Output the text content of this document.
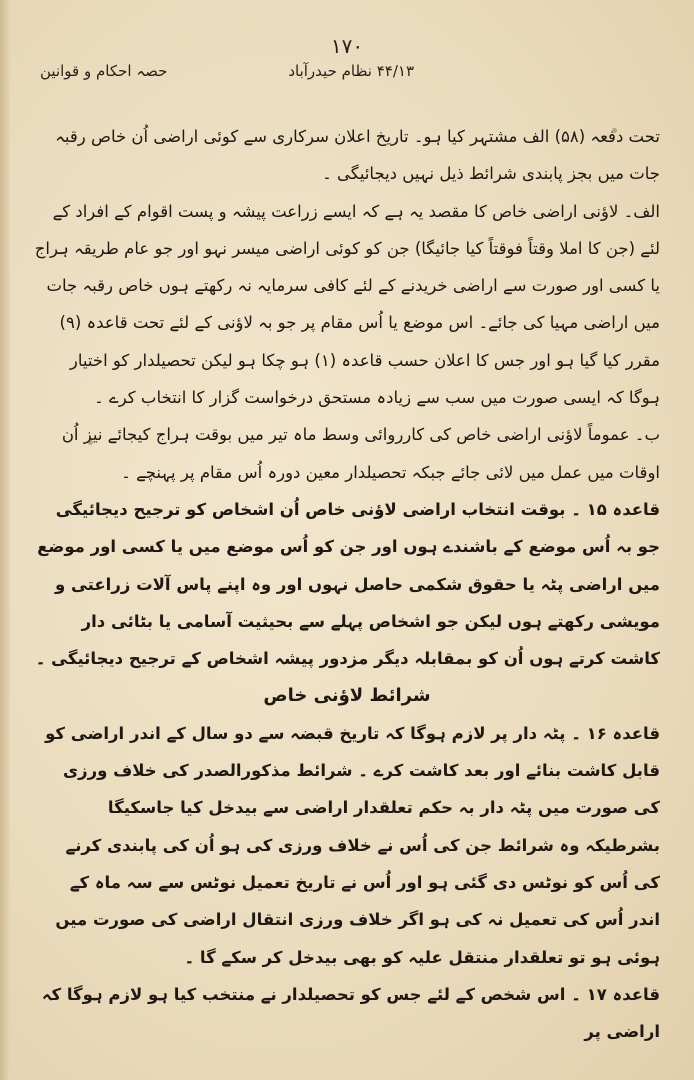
۱۷۰
۴۴/۱۳ نظام حیدرآباد
حصہ احکام و قوانین

تحت دفعہ (۵۸) الف مشتہر کیا ہو۔ تاریخ اعلان سرکاری سے کوئی اراضی اُن خاص رقبہ جات میں بجز پابندی شرائط ذیل نہیں دیجائیگی ۔

الف۔ لاؤنی اراضی خاص کا مقصد یہ ہے کہ ایسے زراعت پیشہ و پست اقوام کے افراد کے لئے (جن کا املا وقتاً فوقتاً کیا جائیگا) جن کو کوئی اراضی میسر نہو اور جو عام طریقہ ہراج یا کسی اور صورت سے اراضی خریدنے کے لئے کافی سرمایہ نہ رکھتے ہوں خاص رقبہ جات میں اراضی مہیا کی جائے۔ اس موضع یا اُس مقام پر جو بہ لاؤنی کے لئے تحت قاعدہ (۹) مقرر کیا گیا ہو اور جس کا اعلان حسب قاعدہ (۱) ہو چکا ہو لیکن تحصیلدار کو اختیار ہوگا کہ ایسی صورت میں سب سے زیادہ مستحق درخواست گزار کا انتخاب کرے ۔

ب۔ عموماً لاؤنی اراضی خاص کی کارروائی وسط ماہ تیر میں بوقت ہراج کیجائے نیز اُن اوقات میں عمل میں لائی جائے جبکہ تحصیلدار معین دورہ اُس مقام پر پہنچے ۔

قاعدہ ۱۵ ۔ بوقت انتخاب اراضی لاؤنی خاص اُن اشخاص کو ترجیح دیجائیگی جو بہ اُس موضع کے باشندے ہوں اور جن کو اُس موضع میں یا کسی اور موضع میں اراضی پٹہ یا حقوق شکمی حاصل نہوں اور وہ اپنے پاس آلات زراعتی و مویشی رکھتے ہوں لیکن جو اشخاص پہلے سے بحیثیت آسامی یا بٹائی دار کاشت کرتے ہوں اُن کو بمقابلہ دیگر مزدور پیشہ اشخاص کے ترجیح دیجائیگی ۔

شرائط لاؤنی خاص

قاعدہ ۱۶ ۔ پٹہ دار پر لازم ہوگا کہ تاریخ قبضہ سے دو سال کے اندر اراضی کو قابل کاشت بنائے اور بعد کاشت کرے ۔ شرائط مذکورالصدر کی خلاف ورزی کی صورت میں پٹہ دار بہ حکم تعلقدار اراضی سے بیدخل کیا جاسکیگا بشرطیکہ وہ شرائط جن کی اُس نے خلاف ورزی کی ہو اُن کی پابندی کرنے کی اُس کو نوٹس دی گئی ہو اور اُس نے تاریخ تعمیل نوٹس سے سہ ماہ کے اندر اُس کی تعمیل نہ کی ہو اگر خلاف ورزی انتقال اراضی کی صورت میں ہوئی ہو تو تعلقدار منتقل علیہ کو بھی بیدخل کر سکے گا ۔

قاعدہ ۱۷ ۔ اس شخص کے لئے جس کو تحصیلدار نے منتخب کیا ہو لازم ہوگا کہ اراضی پر
